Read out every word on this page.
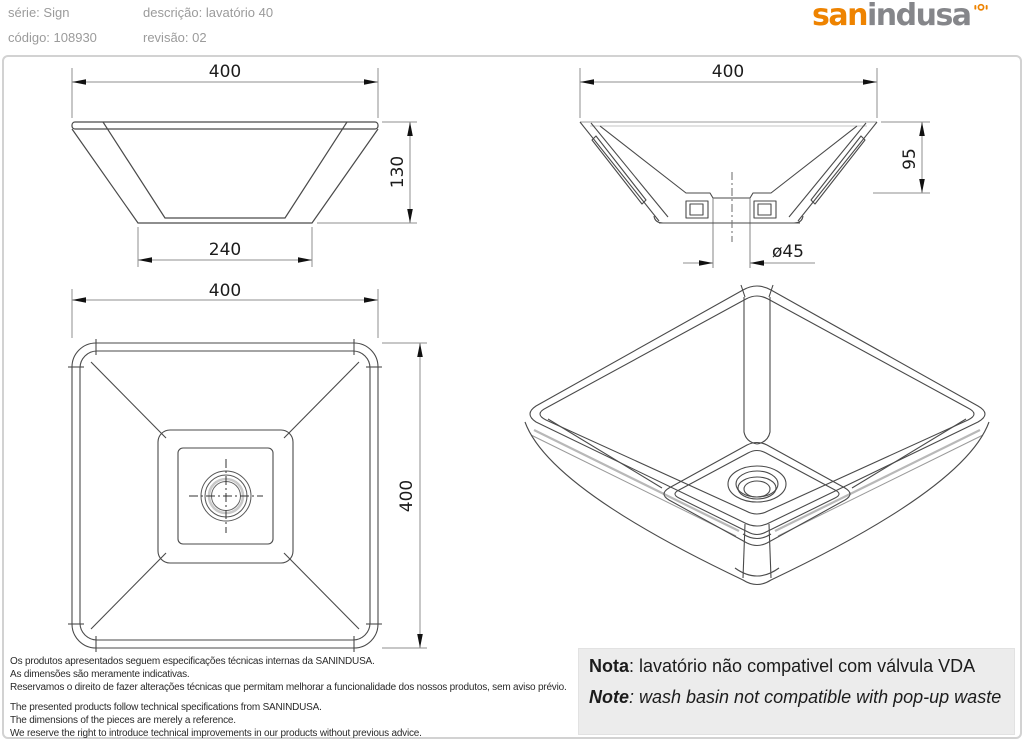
série: Sign
código: 108930
descrição: lavatório 40
revisão: 02
san indusa
400
130
240
400
95
ø45
400
400
Os produtos apresentados seguem especificações técnicas internas da SANINDUSA.
As dimensões são meramente indicativas.
Reservamos o direito de fazer alterações técnicas que permitam melhorar a funcionalidade dos nossos produtos, sem aviso prévio.
The presented products follow technical specifications from SANINDUSA.
The dimensions of the pieces are merely a reference.
We reserve the right to introduce technical improvements in our products without previous advice.
Nota: lavatório não compativel com válvula VDA
Note: wash basin not compatible with pop-up waste
